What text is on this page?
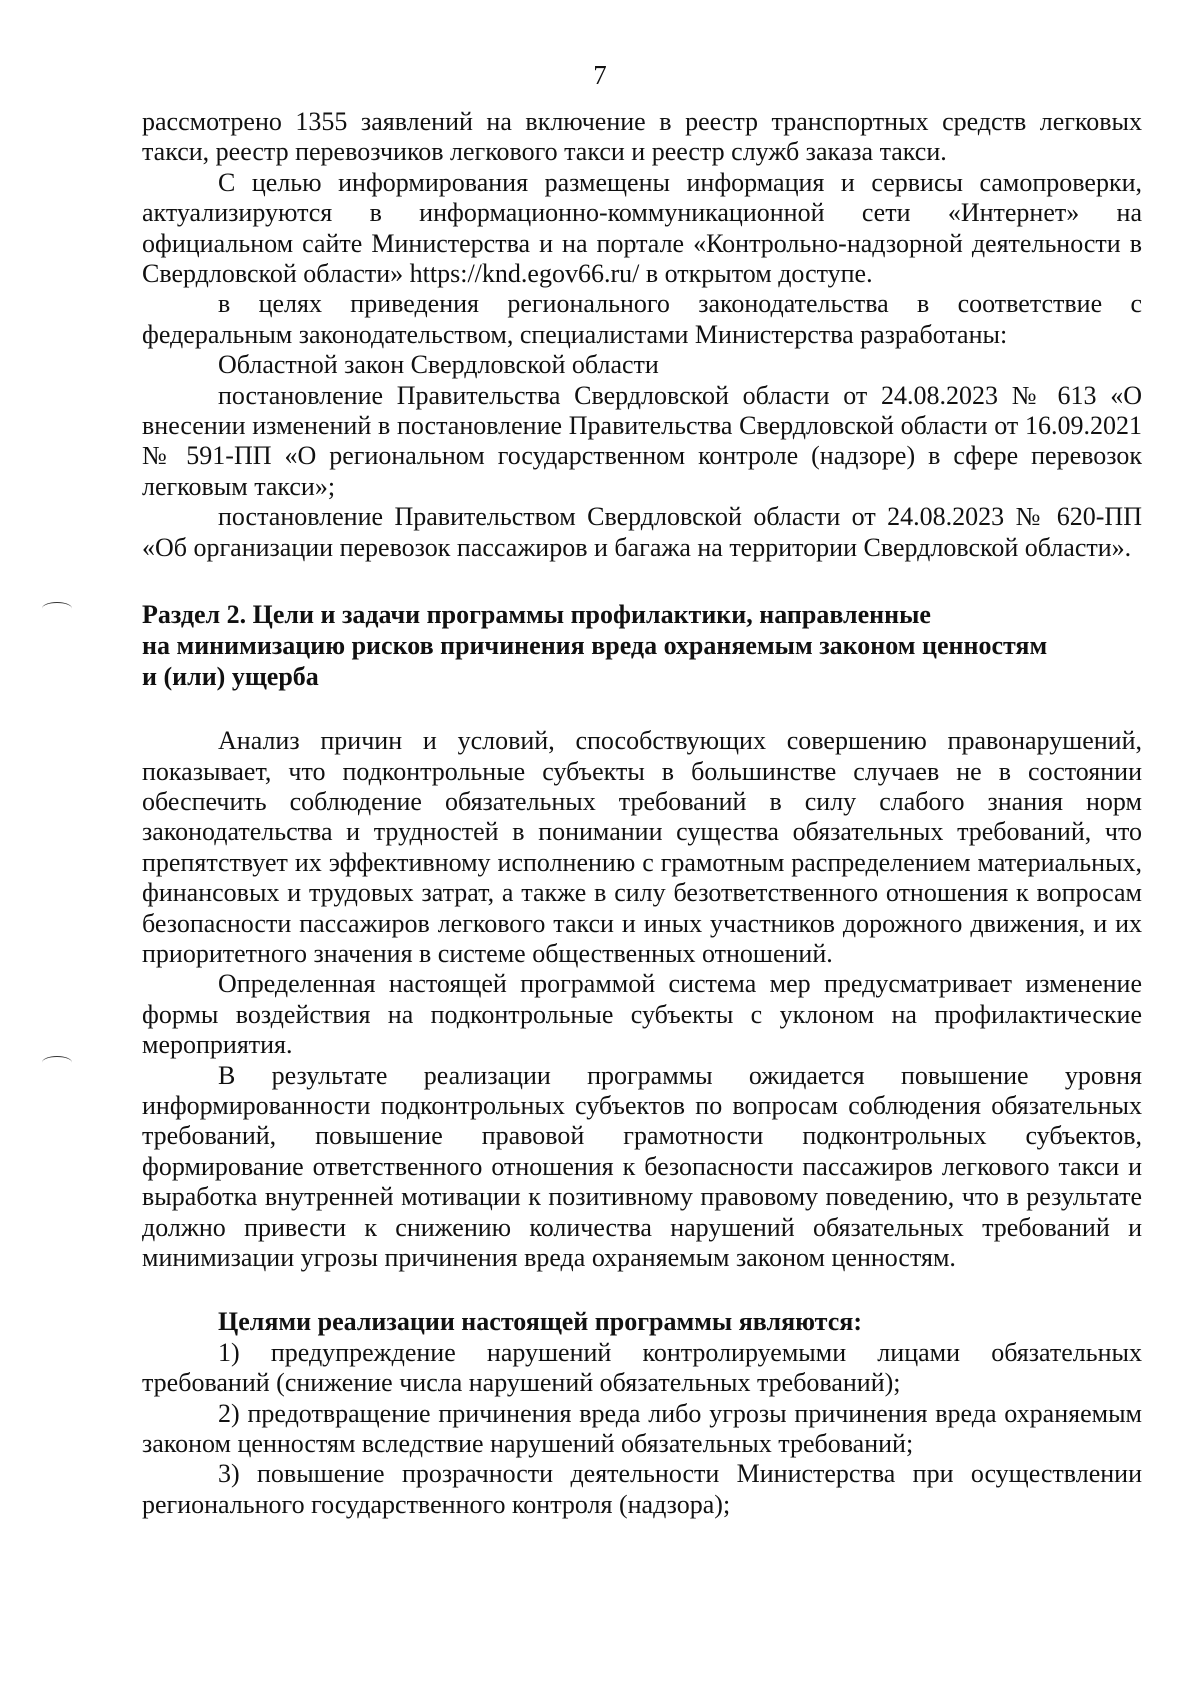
7

рассмотрено 1355 заявлений на включение в реестр транспортных средств легковых такси, реестр перевозчиков легкового такси и реестр служб заказа такси.

С целью информирования размещены информация и сервисы самопроверки, актуализируются в информационно-коммуникационной сети «Интернет» на официальном сайте Министерства и на портале «Контрольно-надзорной деятельности в Свердловской области» https://knd.egov66.ru/ в открытом доступе.

в целях приведения регионального законодательства в соответствие с федеральным законодательством, специалистами Министерства разработаны:

Областной закон Свердловской области

постановление Правительства Свердловской области от 24.08.2023 № 613 «О внесении изменений в постановление Правительства Свердловской области от 16.09.2021 № 591-ПП «О региональном государственном контроле (надзоре) в сфере перевозок легковым такси»;

постановление Правительством Свердловской области от 24.08.2023 № 620-ПП «Об организации перевозок пассажиров и багажа на территории Свердловской области».

Раздел 2. Цели и задачи программы профилактики, направленные

на минимизацию рисков причинения вреда охраняемым законом ценностям

и (или) ущерба

Анализ причин и условий, способствующих совершению правонарушений, показывает, что подконтрольные субъекты в большинстве случаев не в состоянии обеспечить соблюдение обязательных требований в силу слабого знания норм законодательства и трудностей в понимании существа обязательных требований, что препятствует их эффективному исполнению с грамотным распределением материальных, финансовых и трудовых затрат, а также в силу безответственного отношения к вопросам безопасности пассажиров легкового такси и иных участников дорожного движения, и их приоритетного значения в системе общественных отношений.

Определенная настоящей программой система мер предусматривает изменение формы воздействия на подконтрольные субъекты с уклоном на профилактические мероприятия.

В результате реализации программы ожидается повышение уровня информированности подконтрольных субъектов по вопросам соблюдения обязательных требований, повышение правовой грамотности подконтрольных субъектов, формирование ответственного отношения к безопасности пассажиров легкового такси и выработка внутренней мотивации к позитивному правовому поведению, что в результате должно привести к снижению количества нарушений обязательных требований и минимизации угрозы причинения вреда охраняемым законом ценностям.

Целями реализации настоящей программы являются:

1) предупреждение нарушений контролируемыми лицами обязательных требований (снижение числа нарушений обязательных требований);

2) предотвращение причинения вреда либо угрозы причинения вреда охраняемым законом ценностям вследствие нарушений обязательных требований;

3) повышение прозрачности деятельности Министерства при осуществлении регионального государственного контроля (надзора);
